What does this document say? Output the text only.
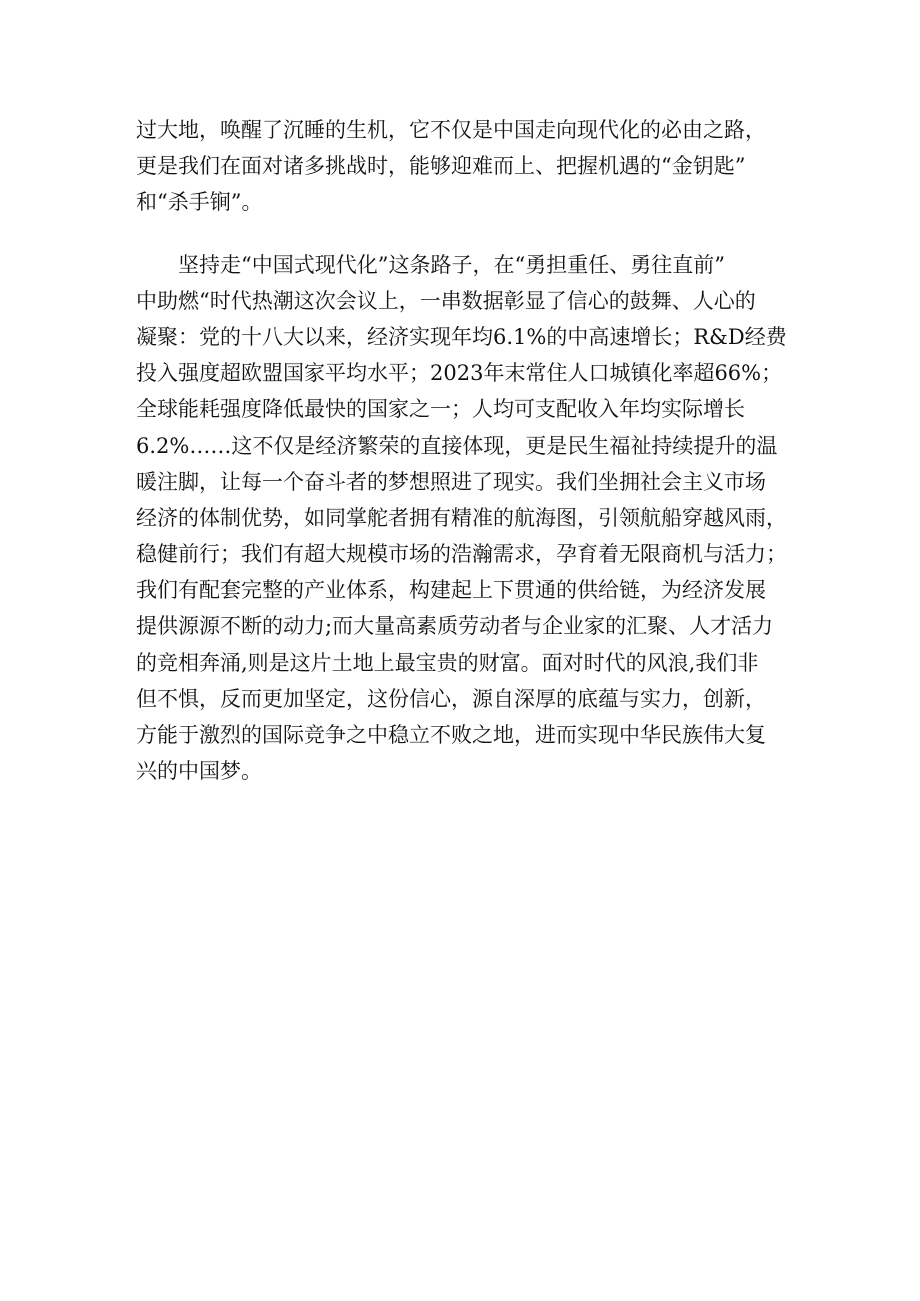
过大地，唤醒了沉睡的生机，它不仅是中国走向现代化的必由之路，
更是我们在面对诸多挑战时，能够迎难而上、把握机遇的“金钥匙”
和“杀手锏”。
　　坚持走“中国式现代化”这条路子，在“勇担重任、勇往直前”
中助燃“时代热潮这次会议上，一串数据彰显了信心的鼓舞、人心的
凝聚：党的十八大以来，经济实现年均6.1%的中高速增长；R&D经费
投入强度超欧盟国家平均水平；2023年末常住人口城镇化率超66%；
全球能耗强度降低最快的国家之一；人均可支配收入年均实际增长
6.2%……这不仅是经济繁荣的直接体现，更是民生福祉持续提升的温
暖注脚，让每一个奋斗者的梦想照进了现实。我们坐拥社会主义市场
经济的体制优势，如同掌舵者拥有精准的航海图，引领航船穿越风雨，
稳健前行；我们有超大规模市场的浩瀚需求，孕育着无限商机与活力；
我们有配套完整的产业体系，构建起上下贯通的供给链，为经济发展
提供源源不断的动力;而大量高素质劳动者与企业家的汇聚、人才活力
的竞相奔涌,则是这片土地上最宝贵的财富。面对时代的风浪,我们非
但不惧，反而更加坚定，这份信心，源自深厚的底蕴与实力，创新，
方能于激烈的国际竞争之中稳立不败之地，进而实现中华民族伟大复
兴的中国梦。
